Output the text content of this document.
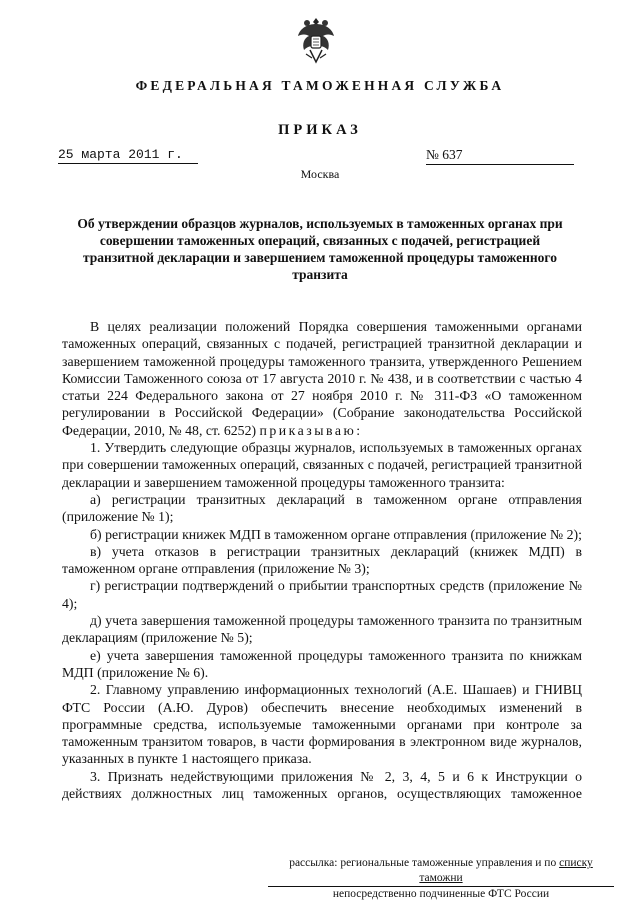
ФЕДЕРАЛЬНАЯ ТАМОЖЕННАЯ СЛУЖБА
ПРИКАЗ
25 марта 2011 г.	№ 637
Москва
Об утверждении образцов журналов, используемых в таможенных органах при совершении таможенных операций, связанных с подачей, регистрацией транзитной декларации и завершением таможенной процедуры таможенного транзита

В целях реализации положений Порядка совершения таможенными органами таможенных операций, связанных с подачей, регистрацией транзитной декларации и завершением таможенной процедуры таможенного транзита, утвержденного Решением Комиссии Таможенного союза от 17 августа 2010 г. № 438, и в соответствии с частью 4 статьи 224 Федерального закона от 27 ноября 2010 г. № 311-ФЗ «О таможенном регулировании в Российской Федерации» (Собрание законодательства Российской Федерации, 2010, № 48, ст. 6252) приказываю:

1. Утвердить следующие образцы журналов, используемых в таможенных органах при совершении таможенных операций, связанных с подачей, регистрацией транзитной декларации и завершением таможенной процедуры таможенного транзита:

а) регистрации транзитных деклараций в таможенном органе отправления (приложение № 1);

б) регистрации книжек МДП в таможенном органе отправления (приложение № 2);

в) учета отказов в регистрации транзитных деклараций (книжек МДП) в таможенном органе отправления (приложение № 3);

г) регистрации подтверждений о прибытии транспортных средств (приложение № 4);

д) учета завершения таможенной процедуры таможенного транзита по транзитным декларациям (приложение № 5);

е) учета завершения таможенной процедуры таможенного транзита по книжкам МДП (приложение № 6).

2. Главному управлению информационных технологий (А.Е. Шашаев) и ГНИВЦ ФТС России (А.Ю. Дуров) обеспечить внесение необходимых изменений в программные средства, используемые таможенными органами при контроле за таможенным транзитом товаров, в части формирования в электронном виде журналов, указанных в пункте 1 настоящего приказа.

3. Признать недействующими приложения № 2, 3, 4, 5 и 6 к Инструкции о действиях должностных лиц таможенных органов, осуществляющих таможенное

рассылка: региональные таможенные управления и по списку таможни
непосредственно подчиненные ФТС России
